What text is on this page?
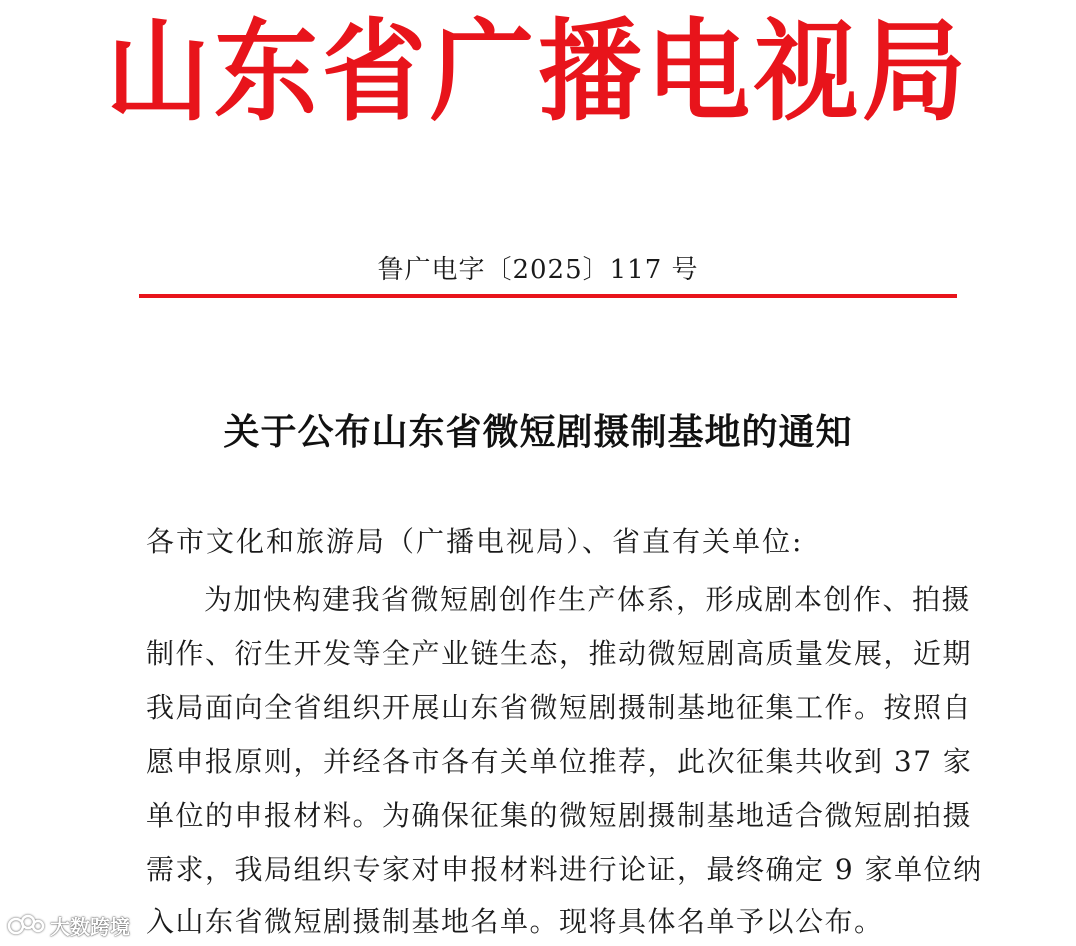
山东省广播电视局
鲁广电字〔2025〕117 号
关于公布山东省微短剧摄制基地的通知
各市文化和旅游局（广播电视局）、省直有关单位:
为加快构建我省微短剧创作生产体系，形成剧本创作、拍摄
制作、衍生开发等全产业链生态，推动微短剧高质量发展，近期
我局面向全省组织开展山东省微短剧摄制基地征集工作。按照自
愿申报原则，并经各市各有关单位推荐，此次征集共收到 37 家
单位的申报材料。为确保征集的微短剧摄制基地适合微短剧拍摄
需求，我局组织专家对申报材料进行论证，最终确定 9 家单位纳
入山东省微短剧摄制基地名单。现将具体名单予以公布。
大数跨境
